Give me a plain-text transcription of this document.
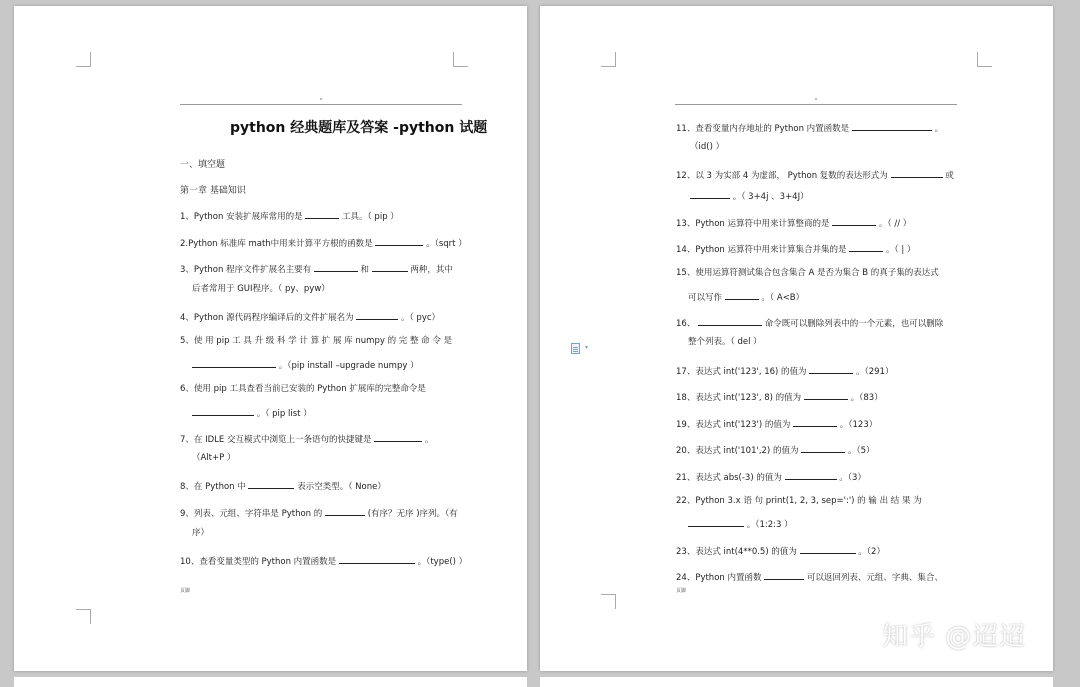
python 经典题库及答案 -python 试题
一、填空题
第一章 基础知识
1、Python 安装扩展库常用的是	工具。（ pip ）
2.Python 标准库 math中用来计算平方根的函数是	。（sqrt ）
3、Python 程序文件扩展名主要有	和	两种，其中
后者常用于 GUI程序。（ py、pyw）
4、Python 源代码程序编译后的文件扩展名为	。（ pyc）
5、使 用 pip 工 具 升 级 科 学 计 算 扩 展 库 numpy 的 完 整 命 令 是
。（pip install –upgrade numpy ）
6、使用 pip 工具查看当前已安装的 Python 扩展库的完整命令是
。（ pip list ）
7、在 IDLE 交互模式中浏览上一条语句的快捷键是	。
（Alt+P ）
8、在 Python 中	表示空类型。（ None）
9、列表、元组、字符串是 Python 的	(有序？无序 )序列。（有
序）
10、查看变量类型的 Python 内置函数是	。（type() ）
页脚
11、查看变量内存地址的 Python 内置函数是	。
（id() ）
12、以 3 为实部 4 为虚部， Python 复数的表达形式为	或
。（ 3+4j 、3+4J）
13、Python 运算符中用来计算整商的是	。（ // ）
14、Python 运算符中用来计算集合并集的是	。（ | ）
15、使用运算符测试集合包含集合 A 是否为集合 B 的真子集的表达式
可以写作	。（ A<B）
16、	命令既可以删除列表中的一个元素，也可以删除
整个列表。（ del ）
17、表达式 int('123', 16) 的值为	。（291）
18、表达式 int('123', 8) 的值为	。（83）
19、表达式 int('123') 的值为	。（123）
20、表达式 int('101',2) 的值为	。（5）
21、表达式 abs(-3) 的值为	。（3）
22、Python 3.x 语 句 print(1, 2, 3, sep=':') 的 输 出 结 果 为
。（1:2:3 ）
23、表达式 int(4**0.5) 的值为	。（2）
24、Python 内置函数	可以返回列表、元组、字典、集合、
页脚
▾
知乎 @迢迢
